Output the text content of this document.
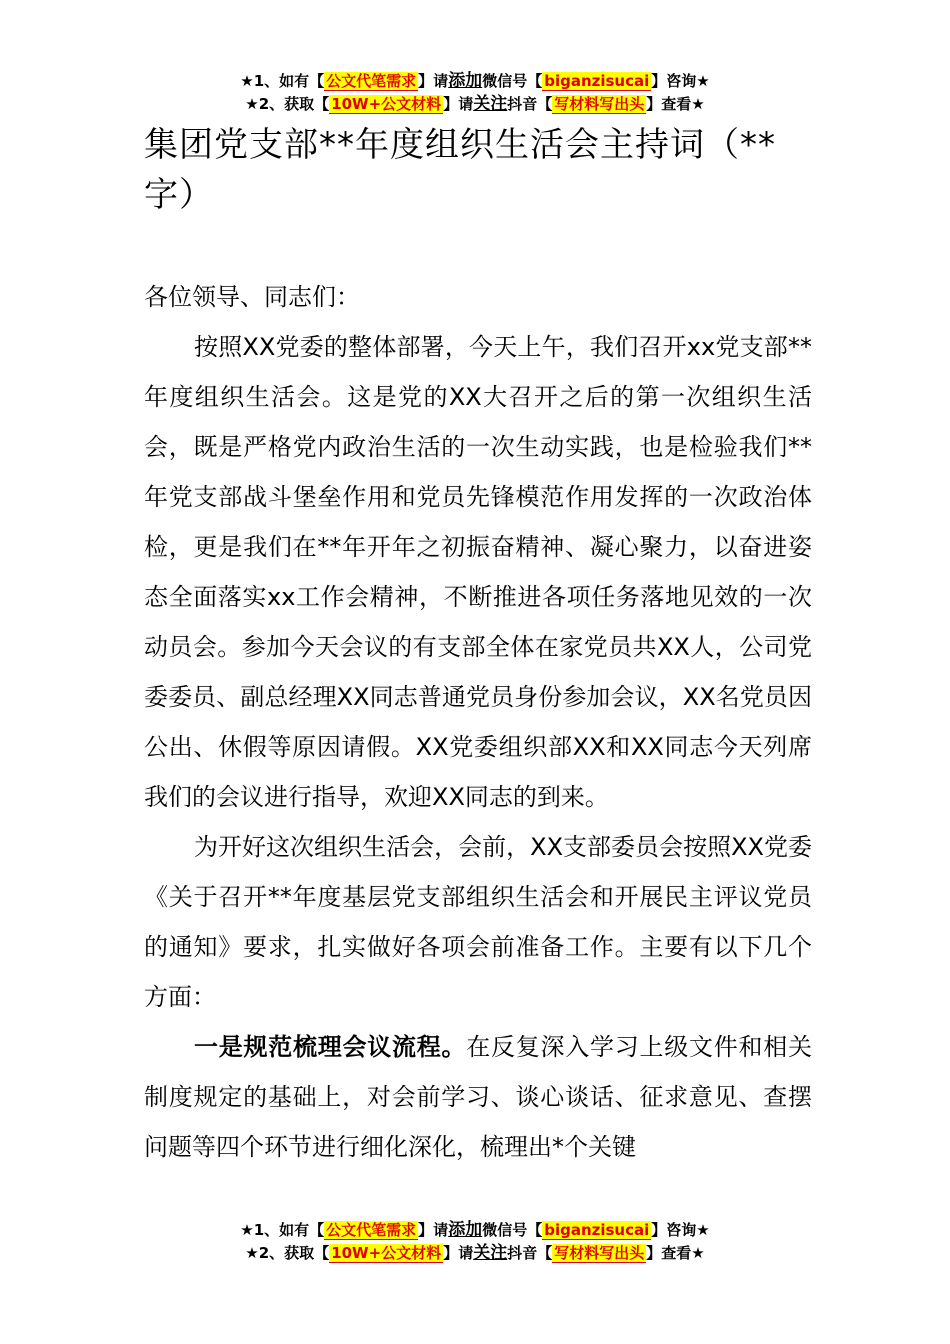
★1、如有【 公文代笔需求 】请添加微信号【 biganzisucai 】咨询★
★2、获取【 10W+公文材料 】请关注抖音【 写材料写出头 】查看★
集团党支部**年度组织生活会主持词（**字）

各位领导、同志们：

按照XX党委的整体部署，今天上午，我们召开xx党支部**年度组织生活会。这是党的XX大召开之后的第一次组织生活会，既是严格党内政治生活的一次生动实践，也是检验我们**年党支部战斗堡垒作用和党员先锋模范作用发挥的一次政治体检，更是我们在**年开年之初振奋精神、凝心聚力，以奋进姿态全面落实xx工作会精神，不断推进各项任务落地见效的一次动员会。参加今天会议的有支部全体在家党员共XX人，公司党委委员、副总经理XX同志普通党员身份参加会议，XX名党员因公出、休假等原因请假。XX党委组织部XX和XX同志今天列席我们的会议进行指导，欢迎XX同志的到来。

为开好这次组织生活会，会前，XX支部委员会按照XX党委《关于召开**年度基层党支部组织生活会和开展民主评议党员的通知》要求，扎实做好各项会前准备工作。主要有以下几个方面：

一是规范梳理会议流程。在反复深入学习上级文件和相关制度规定的基础上，对会前学习、谈心谈话、征求意见、查摆问题等四个环节进行细化深化，梳理出*个关键

★1、如有【 公文代笔需求 】请添加微信号【 biganzisucai 】咨询★
★2、获取【 10W+公文材料 】请关注抖音【 写材料写出头 】查看★
